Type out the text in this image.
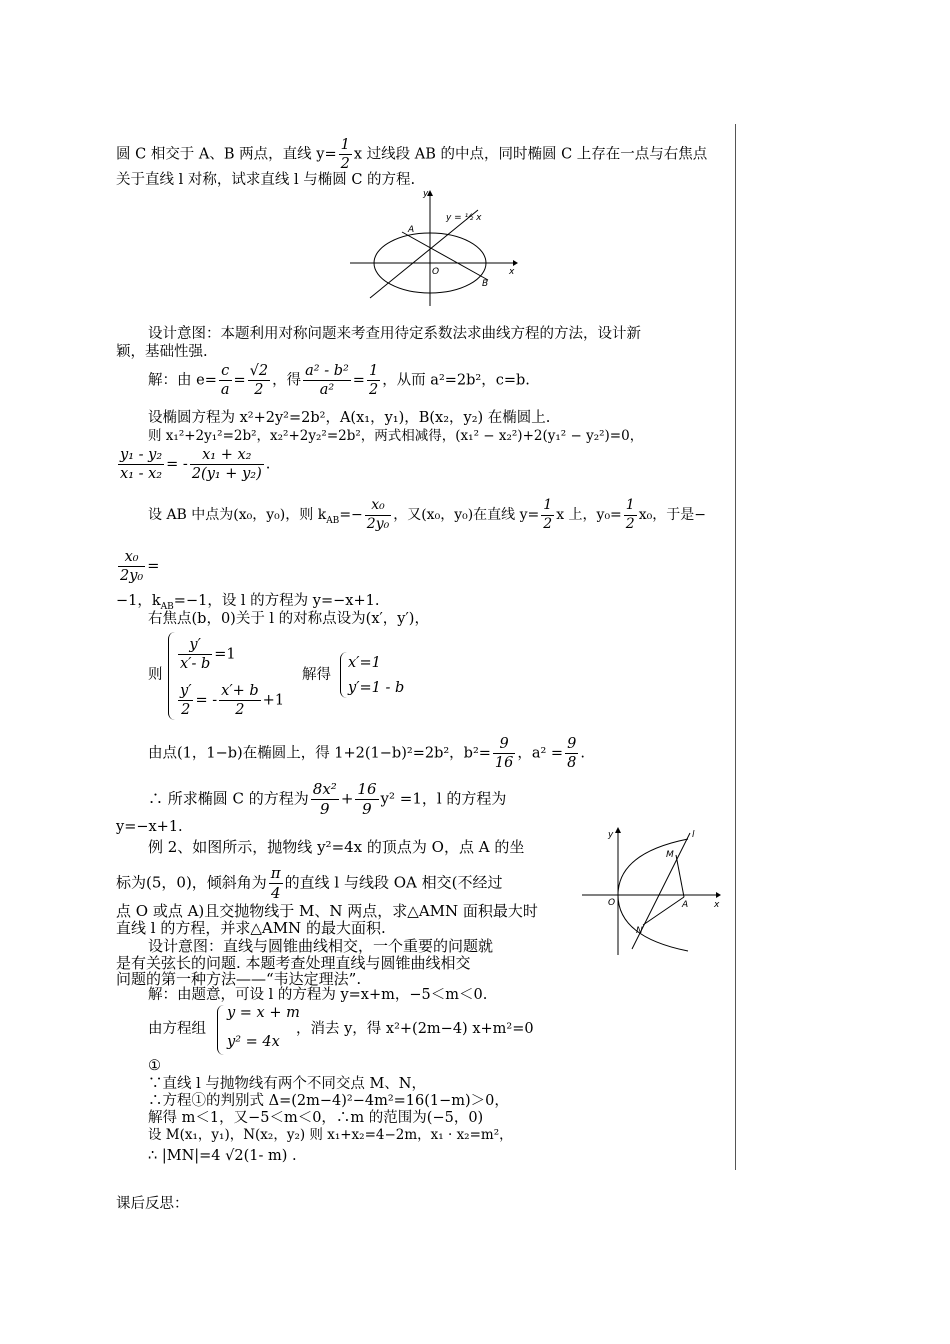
圆 C 相交于 A、B 两点，直线 $y= \frac{1}{2}$ x 过线段 AB 的中点，同时椭圆 C 上存在一点与右焦点
关于直线 l 对称，试求直线 l 与椭圆 C 的方程.
y
x
O
A
B
y = ½ x
设计意图：本题利用对称问题来考查用待定系数法求曲线方程的方法，设计新
颖，基础性强.
解：由 $e= \frac{c}{a} = \frac{√2}{2}$ ，得 $\frac{\text{a² - b²}}{\text{a²}} = \frac{1}{2}$ ，从而 a²=2b²，c=b.
设椭圆方程为 x²+2y²=2b²，A(x₁，y₁)，B(x₂，y₂) 在椭圆上.
则 x₁²+2y₁²=2b²，x₂²+2y₂²=2b²，两式相减得，(x₁² − x₂²)+2(y₁² − y₂²)=0，
$\frac{\text{y₁ - y₂}}{\text{x₁ - x₂}}$ = - $\frac{\text{x₁ + x₂}}{\text{2(y₁ + y₂)}}$ .
设 AB 中点为(x₀，y₀)，则 $k_{AB}=- \frac{\text{x₀}}{\text{2y₀}}$ ，又(x₀，y₀)在直线 $y= \frac{1}{2}$ x 上，$y_0= \frac{1}{2} x_0$，于是−
$\frac{\text{x₀}}{\text{2y₀}}$ =
−1，$k_{AB}=-1$，设 l 的方程为 y=−x+1.
右焦点(b，0)关于 l 的对称点设为(x′，y′)，
则
$\frac{y'}{x'- b} =1$
$\frac{y'}{2}$ = - $\frac{x'+ b}{2} +1$
解得
x′=1
y′=1 - b
由点(1，1−b)在椭圆上，得 1+2(1−b)²=2b²，$b^2= \frac{9}{16}$ ，$a^2 = \frac{9}{8}$ .
∴ 所求椭圆 C 的方程为 $\frac{\text{8x²}}{9} + \frac{16}{9} y^2 =1$，l 的方程为
y=−x+1.
例 2、如图所示，抛物线 y²=4x 的顶点为 O，点 A 的坐
标为(5，0)，倾斜角为 $\frac{\pi}{4}$ 的直线 l 与线段 OA 相交(不经过
点 O 或点 A)且交抛物线于 M、N 两点，求△AMN 面积最大时
直线 l 的方程，并求△AMN 的最大面积.
设计意图：直线与圆锥曲线相交，一个重要的问题就
是有关弦长的问题. 本题考查处理直线与圆锥曲线相交
问题的第一种方法——“韦达定理法”.
解：由题意，可设 l 的方程为 y=x+m，−5＜m＜0.
由方程组
y = x + m
y² = 4x
，消去 y，得 x²+(2m−4) x+m²=0
①
∵直线 l 与抛物线有两个不同交点 M、N，
∴方程①的判别式 Δ=(2m−4)²−4m²=16(1−m)＞0，
解得 m＜1，又−5＜m＜0，∴m 的范围为(−5，0)
设 M(x₁，y₁)，N(x₂，y₂) 则 x₁+x₂=4−2m，x₁ · x₂=m²，
∴ |MN|=4 √2(1- m) .
y
x
O	A
l
M
N
课后反思：
